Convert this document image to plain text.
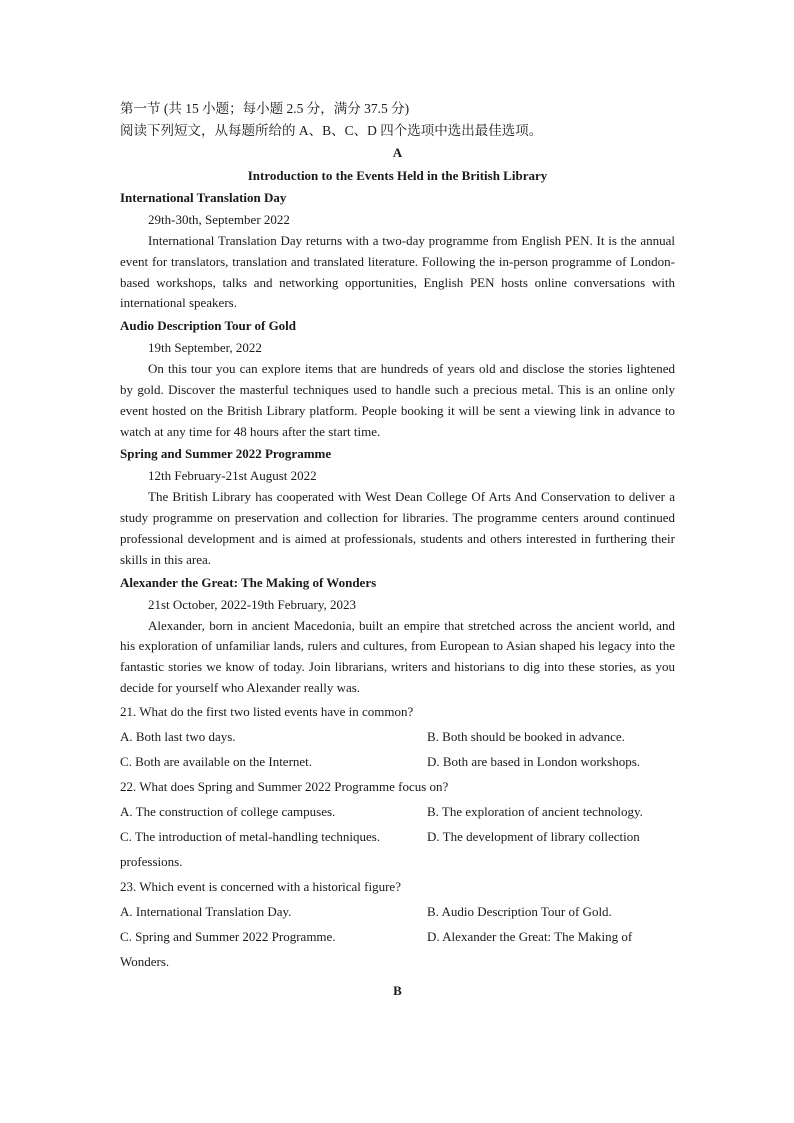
第一节 (共 15 小题；每小题 2.5 分，满分 37.5 分)
阅读下列短文，从每题所给的 A、B、C、D 四个选项中选出最佳选项。
A
Introduction to the Events Held in the British Library
International Translation Day
29th-30th, September 2022

International Translation Day returns with a two-day programme from English PEN. It is the annual event for translators, translation and translated literature. Following the in-person programme of London-based workshops, talks and networking opportunities, English PEN hosts online conversations with international speakers.

Audio Description Tour of Gold
19th September, 2022

On this tour you can explore items that are hundreds of years old and disclose the stories lightened by gold. Discover the masterful techniques used to handle such a precious metal. This is an online only event hosted on the British Library platform. People booking it will be sent a viewing link in advance to watch at any time for 48 hours after the start time.

Spring and Summer 2022 Programme
12th February-21st August 2022

The British Library has cooperated with West Dean College Of Arts And Conservation to deliver a study programme on preservation and collection for libraries. The programme centers around continued professional development and is aimed at professionals, students and others interested in furthering their skills in this area.

Alexander the Great: The Making of Wonders
21st October, 2022-19th February, 2023

Alexander, born in ancient Macedonia, built an empire that stretched across the ancient world, and his exploration of unfamiliar lands, rulers and cultures, from European to Asian shaped his legacy into the fantastic stories we know of today. Join librarians, writers and historians to dig into these stories, as you decide for yourself who Alexander really was.

21. What do the first two listed events have in common?
A. Both last two days.	B. Both should be booked in advance.
C. Both are available on the Internet.	D. Both are based in London workshops.
22. What does Spring and Summer 2022 Programme focus on?
A. The construction of college campuses.	B. The exploration of ancient technology.
C. The introduction of metal-handling techniques.	D. The development of library collection
professions.
23. Which event is concerned with a historical figure?
A. International Translation Day.	B. Audio Description Tour of Gold.
C. Spring and Summer 2022 Programme.	D. Alexander the Great: The Making of
Wonders.
B
